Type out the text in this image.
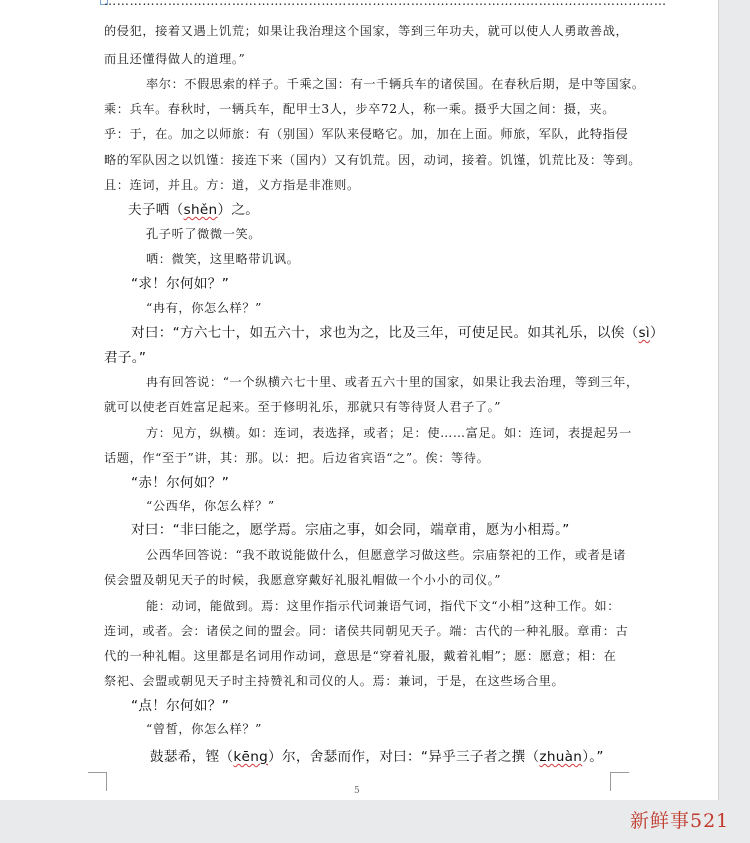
……………………………………………………………………………………………………………………
的侵犯，接着又遇上饥荒；如果让我治理这个国家，等到三年功夫，就可以使人人勇敢善战，
而且还懂得做人的道理。”
率尔：不假思索的样子。千乘之国：有一千辆兵车的诸侯国。在春秋后期，是中等国家。
乘：兵车。春秋时，一辆兵车，配甲士3人，步卒72人，称一乘。摄乎大国之间：摄，夹。
乎：于，在。加之以师旅：有（别国）军队来侵略它。加，加在上面。师旅，军队，此特指侵
略的军队因之以饥馑：接连下来（国内）又有饥荒。因，动词，接着。饥馑，饥荒比及：等到。
且：连词，并且。方：道，义方指是非准则。
夫子哂（shěn）之。
孔子听了微微一笑。
哂：微笑，这里略带讥讽。
“求！尔何如？”
“冉有，你怎么样？”
对曰：“方六七十，如五六十，求也为之，比及三年，可使足民。如其礼乐，以俟（sì）
君子。”
冉有回答说：“一个纵横六七十里、或者五六十里的国家，如果让我去治理，等到三年，
就可以使老百姓富足起来。至于修明礼乐，那就只有等待贤人君子了。”
方：见方，纵横。如：连词，表选择，或者；足：使……富足。如：连词，表提起另一
话题，作“至于”讲，其：那。以：把。后边省宾语“之”。俟：等待。
“赤！尔何如？”
“公西华，你怎么样？”
对曰：“非曰能之，愿学焉。宗庙之事，如会同，端章甫，愿为小相焉。”
公西华回答说：“我不敢说能做什么，但愿意学习做这些。宗庙祭祀的工作，或者是诸
侯会盟及朝见天子的时候，我愿意穿戴好礼服礼帽做一个小小的司仪。”
能：动词，能做到。焉：这里作指示代词兼语气词，指代下文“小相”这种工作。如：
连词，或者。会：诸侯之间的盟会。同：诸侯共同朝见天子。端：古代的一种礼服。章甫：古
代的一种礼帽。这里都是名词用作动词，意思是“穿着礼服，戴着礼帽”；愿：愿意；相：在
祭祀、会盟或朝见天子时主持赞礼和司仪的人。焉：兼词，于是，在这些场合里。
“点！尔何如？”
“曾皙，你怎么样？”
鼓瑟希，铿（kēng）尔，舍瑟而作，对曰：“异乎三子者之撰（zhuàn）。”
5
新鲜事521
